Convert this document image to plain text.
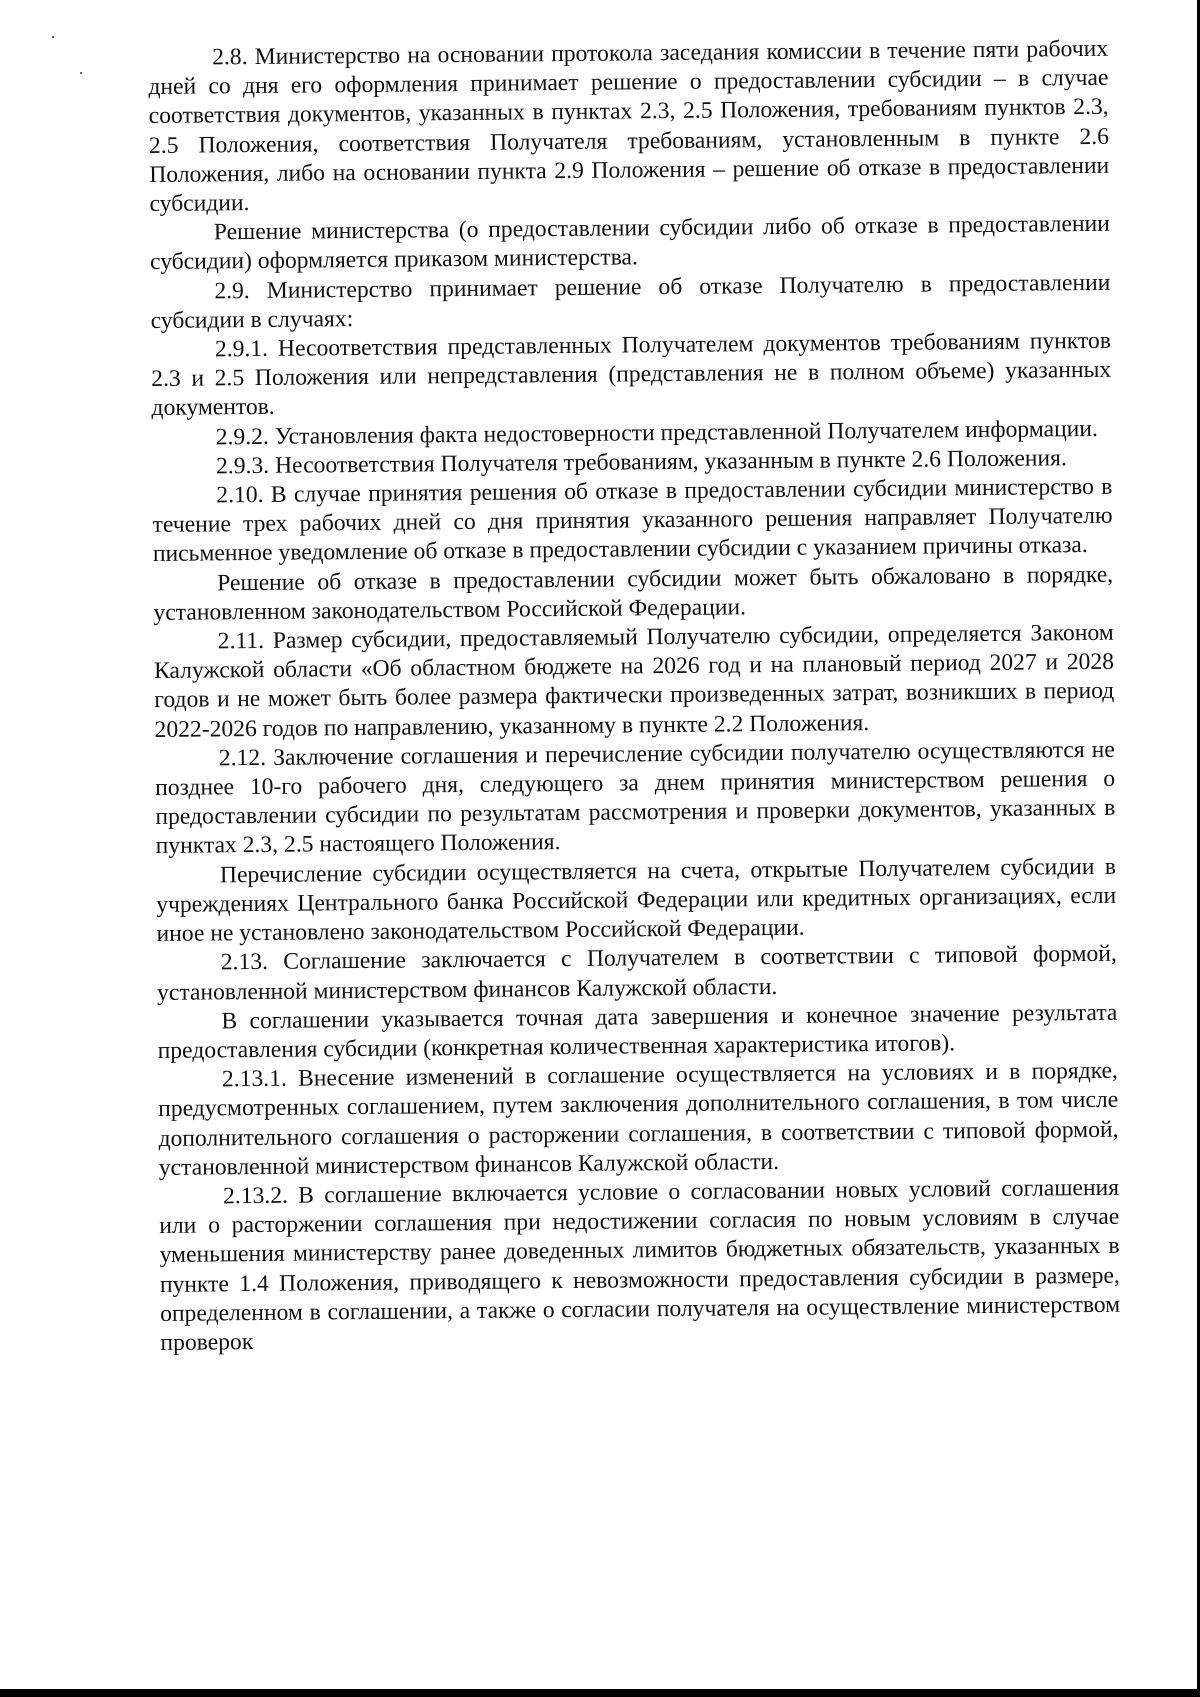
2.8. Министерство на основании протокола заседания комиссии в течение пяти рабочих дней со дня его оформления принимает решение о предоставлении субсидии – в случае соответствия документов, указанных в пунктах 2.3, 2.5 Положения, требованиям пунктов 2.3, 2.5 Положения, соответствия Получателя требованиям, установленным в пункте 2.6 Положения, либо на основании пункта 2.9 Положения – решение об отказе в предоставлении субсидии.

Решение министерства (о предоставлении субсидии либо об отказе в предоставлении субсидии) оформляется приказом министерства.

2.9. Министерство принимает решение об отказе Получателю в предоставлении субсидии в случаях:

2.9.1. Несоответствия представленных Получателем документов требованиям пунктов 2.3 и 2.5 Положения или непредставления (представления не в полном объеме) указанных документов.

2.9.2. Установления факта недостоверности представленной Получателем информации.

2.9.3. Несоответствия Получателя требованиям, указанным в пункте 2.6 Положения.

2.10. В случае принятия решения об отказе в предоставлении субсидии министерство в течение трех рабочих дней со дня принятия указанного решения направляет Получателю письменное уведомление об отказе в предоставлении субсидии с указанием причины отказа.

Решение об отказе в предоставлении субсидии может быть обжаловано в порядке, установленном законодательством Российской Федерации.

2.11. Размер субсидии, предоставляемый Получателю субсидии, определяется Законом Калужской области «Об областном бюджете на 2026 год и на плановый период 2027 и 2028 годов и не может быть более размера фактически произведенных затрат, возникших в период 2022-2026 годов по направлению, указанному в пункте 2.2 Положения.

2.12. Заключение соглашения и перечисление субсидии получателю осуществляются не позднее 10-го рабочего дня, следующего за днем принятия министерством решения о предоставлении субсидии по результатам рассмотрения и проверки документов, указанных в пунктах 2.3, 2.5 настоящего Положения.

Перечисление субсидии осуществляется на счета, открытые Получателем субсидии в учреждениях Центрального банка Российской Федерации или кредитных организациях, если иное не установлено законодательством Российской Федерации.

2.13. Соглашение заключается с Получателем в соответствии с типовой формой, установленной министерством финансов Калужской области.

В соглашении указывается точная дата завершения и конечное значение результата предоставления субсидии (конкретная количественная характеристика итогов).

2.13.1. Внесение изменений в соглашение осуществляется на условиях и в порядке, предусмотренных соглашением, путем заключения дополнительного соглашения, в том числе дополнительного соглашения о расторжении соглашения, в соответствии с типовой формой, установленной министерством финансов Калужской области.

2.13.2. В соглашение включается условие о согласовании новых условий соглашения или о расторжении соглашения при недостижении согласия по новым условиям в случае уменьшения министерству ранее доведенных лимитов бюджетных обязательств, указанных в пункте 1.4 Положения, приводящего к невозможности предоставления субсидии в размере, определенном в соглашении, а также о согласии получателя на осуществление министерством проверок
